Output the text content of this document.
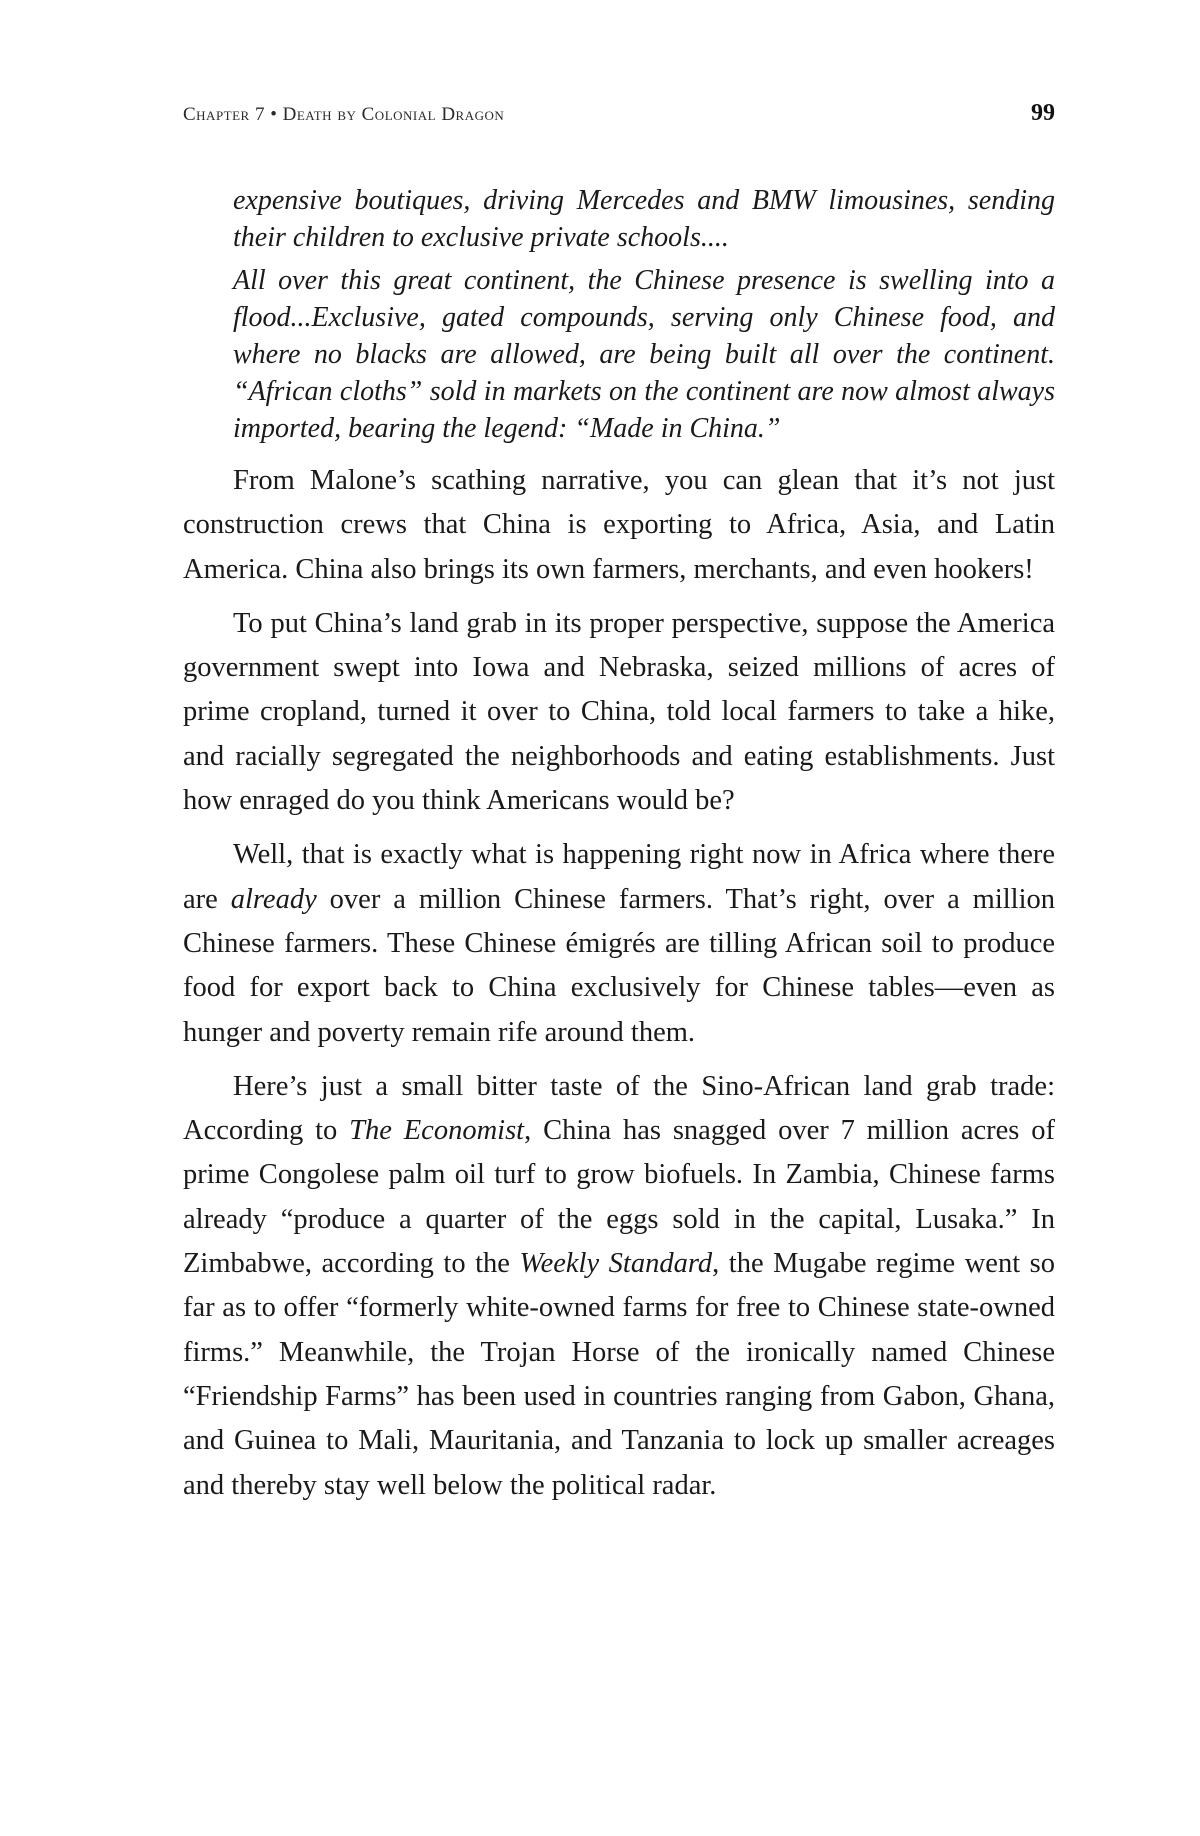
Chapter 7 • Death by Colonial Dragon	99

expensive boutiques, driving Mercedes and BMW limousines, sending their children to exclusive private schools....

All over this great continent, the Chinese presence is swelling into a flood...Exclusive, gated compounds, serving only Chinese food, and where no blacks are allowed, are being built all over the continent. “African cloths” sold in markets on the continent are now almost always imported, bearing the legend: “Made in China.”

From Malone’s scathing narrative, you can glean that it’s not just construction crews that China is exporting to Africa, Asia, and Latin America. China also brings its own farmers, merchants, and even hookers!

To put China’s land grab in its proper perspective, suppose the America government swept into Iowa and Nebraska, seized millions of acres of prime cropland, turned it over to China, told local farmers to take a hike, and racially segregated the neighborhoods and eating establishments. Just how enraged do you think Americans would be?

Well, that is exactly what is happening right now in Africa where there are already over a million Chinese farmers. That’s right, over a million Chinese farmers. These Chinese émigrés are tilling African soil to produce food for export back to China exclusively for Chinese tables—even as hunger and poverty remain rife around them.

Here’s just a small bitter taste of the Sino-African land grab trade: According to The Economist, China has snagged over 7 million acres of prime Congolese palm oil turf to grow biofuels. In Zambia, Chinese farms already “produce a quarter of the eggs sold in the capital, Lusaka.” In Zimbabwe, according to the Weekly Standard, the Mugabe regime went so far as to offer “formerly white-owned farms for free to Chinese state-owned firms.” Meanwhile, the Trojan Horse of the ironically named Chinese “Friendship Farms” has been used in countries ranging from Gabon, Ghana, and Guinea to Mali, Mauritania, and Tanzania to lock up smaller acreages and thereby stay well below the political radar.
